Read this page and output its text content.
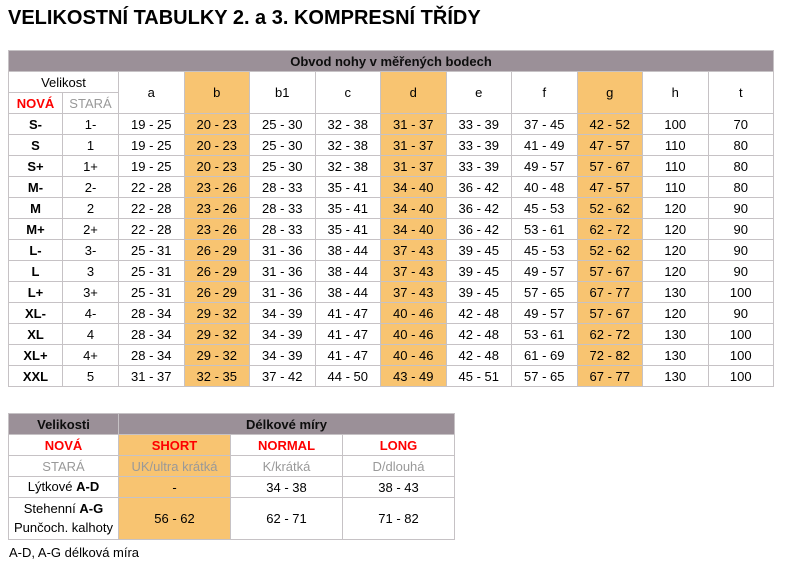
VELIKOSTNÍ TABULKY 2. a 3. KOMPRESNÍ TŘÍDY
Obvod nohy v měřených bodech											
Velikost		a	b	b1	c	d	e	f	g	h	t
NOVÁ	STARÁ										
S-	1-	19 - 25	20 - 23	25 - 30	32 - 38	31 - 37	33 - 39	37 - 45	42 - 52	100	70
S	1	19 - 25	20 - 23	25 - 30	32 - 38	31 - 37	33 - 39	41 - 49	47 - 57	110	80
S+	1+	19 - 25	20 - 23	25 - 30	32 - 38	31 - 37	33 - 39	49 - 57	57 - 67	110	80
M-	2-	22 - 28	23 - 26	28 - 33	35 - 41	34 - 40	36 - 42	40 - 48	47 - 57	110	80
M	2	22 - 28	23 - 26	28 - 33	35 - 41	34 - 40	36 - 42	45 - 53	52 - 62	120	90
M+	2+	22 - 28	23 - 26	28 - 33	35 - 41	34 - 40	36 - 42	53 - 61	62 - 72	120	90
L-	3-	25 - 31	26 - 29	31 - 36	38 - 44	37 - 43	39 - 45	45 - 53	52 - 62	120	90
L	3	25 - 31	26 - 29	31 - 36	38 - 44	37 - 43	39 - 45	49 - 57	57 - 67	120	90
L+	3+	25 - 31	26 - 29	31 - 36	38 - 44	37 - 43	39 - 45	57 - 65	67 - 77	130	100
XL-	4-	28 - 34	29 - 32	34 - 39	41 - 47	40 - 46	42 - 48	49 - 57	57 - 67	120	90
XL	4	28 - 34	29 - 32	34 - 39	41 - 47	40 - 46	42 - 48	53 - 61	62 - 72	130	100
XL+	4+	28 - 34	29 - 32	34 - 39	41 - 47	40 - 46	42 - 48	61 - 69	72 - 82	130	100
XXL	5	31 - 37	32 - 35	37 - 42	44 - 50	43 - 49	45 - 51	57 - 65	67 - 77	130	100
Velikosti	Délkové míry		
NOVÁ	SHORT	NORMAL	LONG
STARÁ	UK/ultra krátká	K/krátká	D/dlouhá
Lýtkové A-D	-	34 - 38	38 - 43
Stehenní A-G
Punčoch. kalhoty	56 - 62	62 - 71	71 - 82
A-D, A-G délková míra
